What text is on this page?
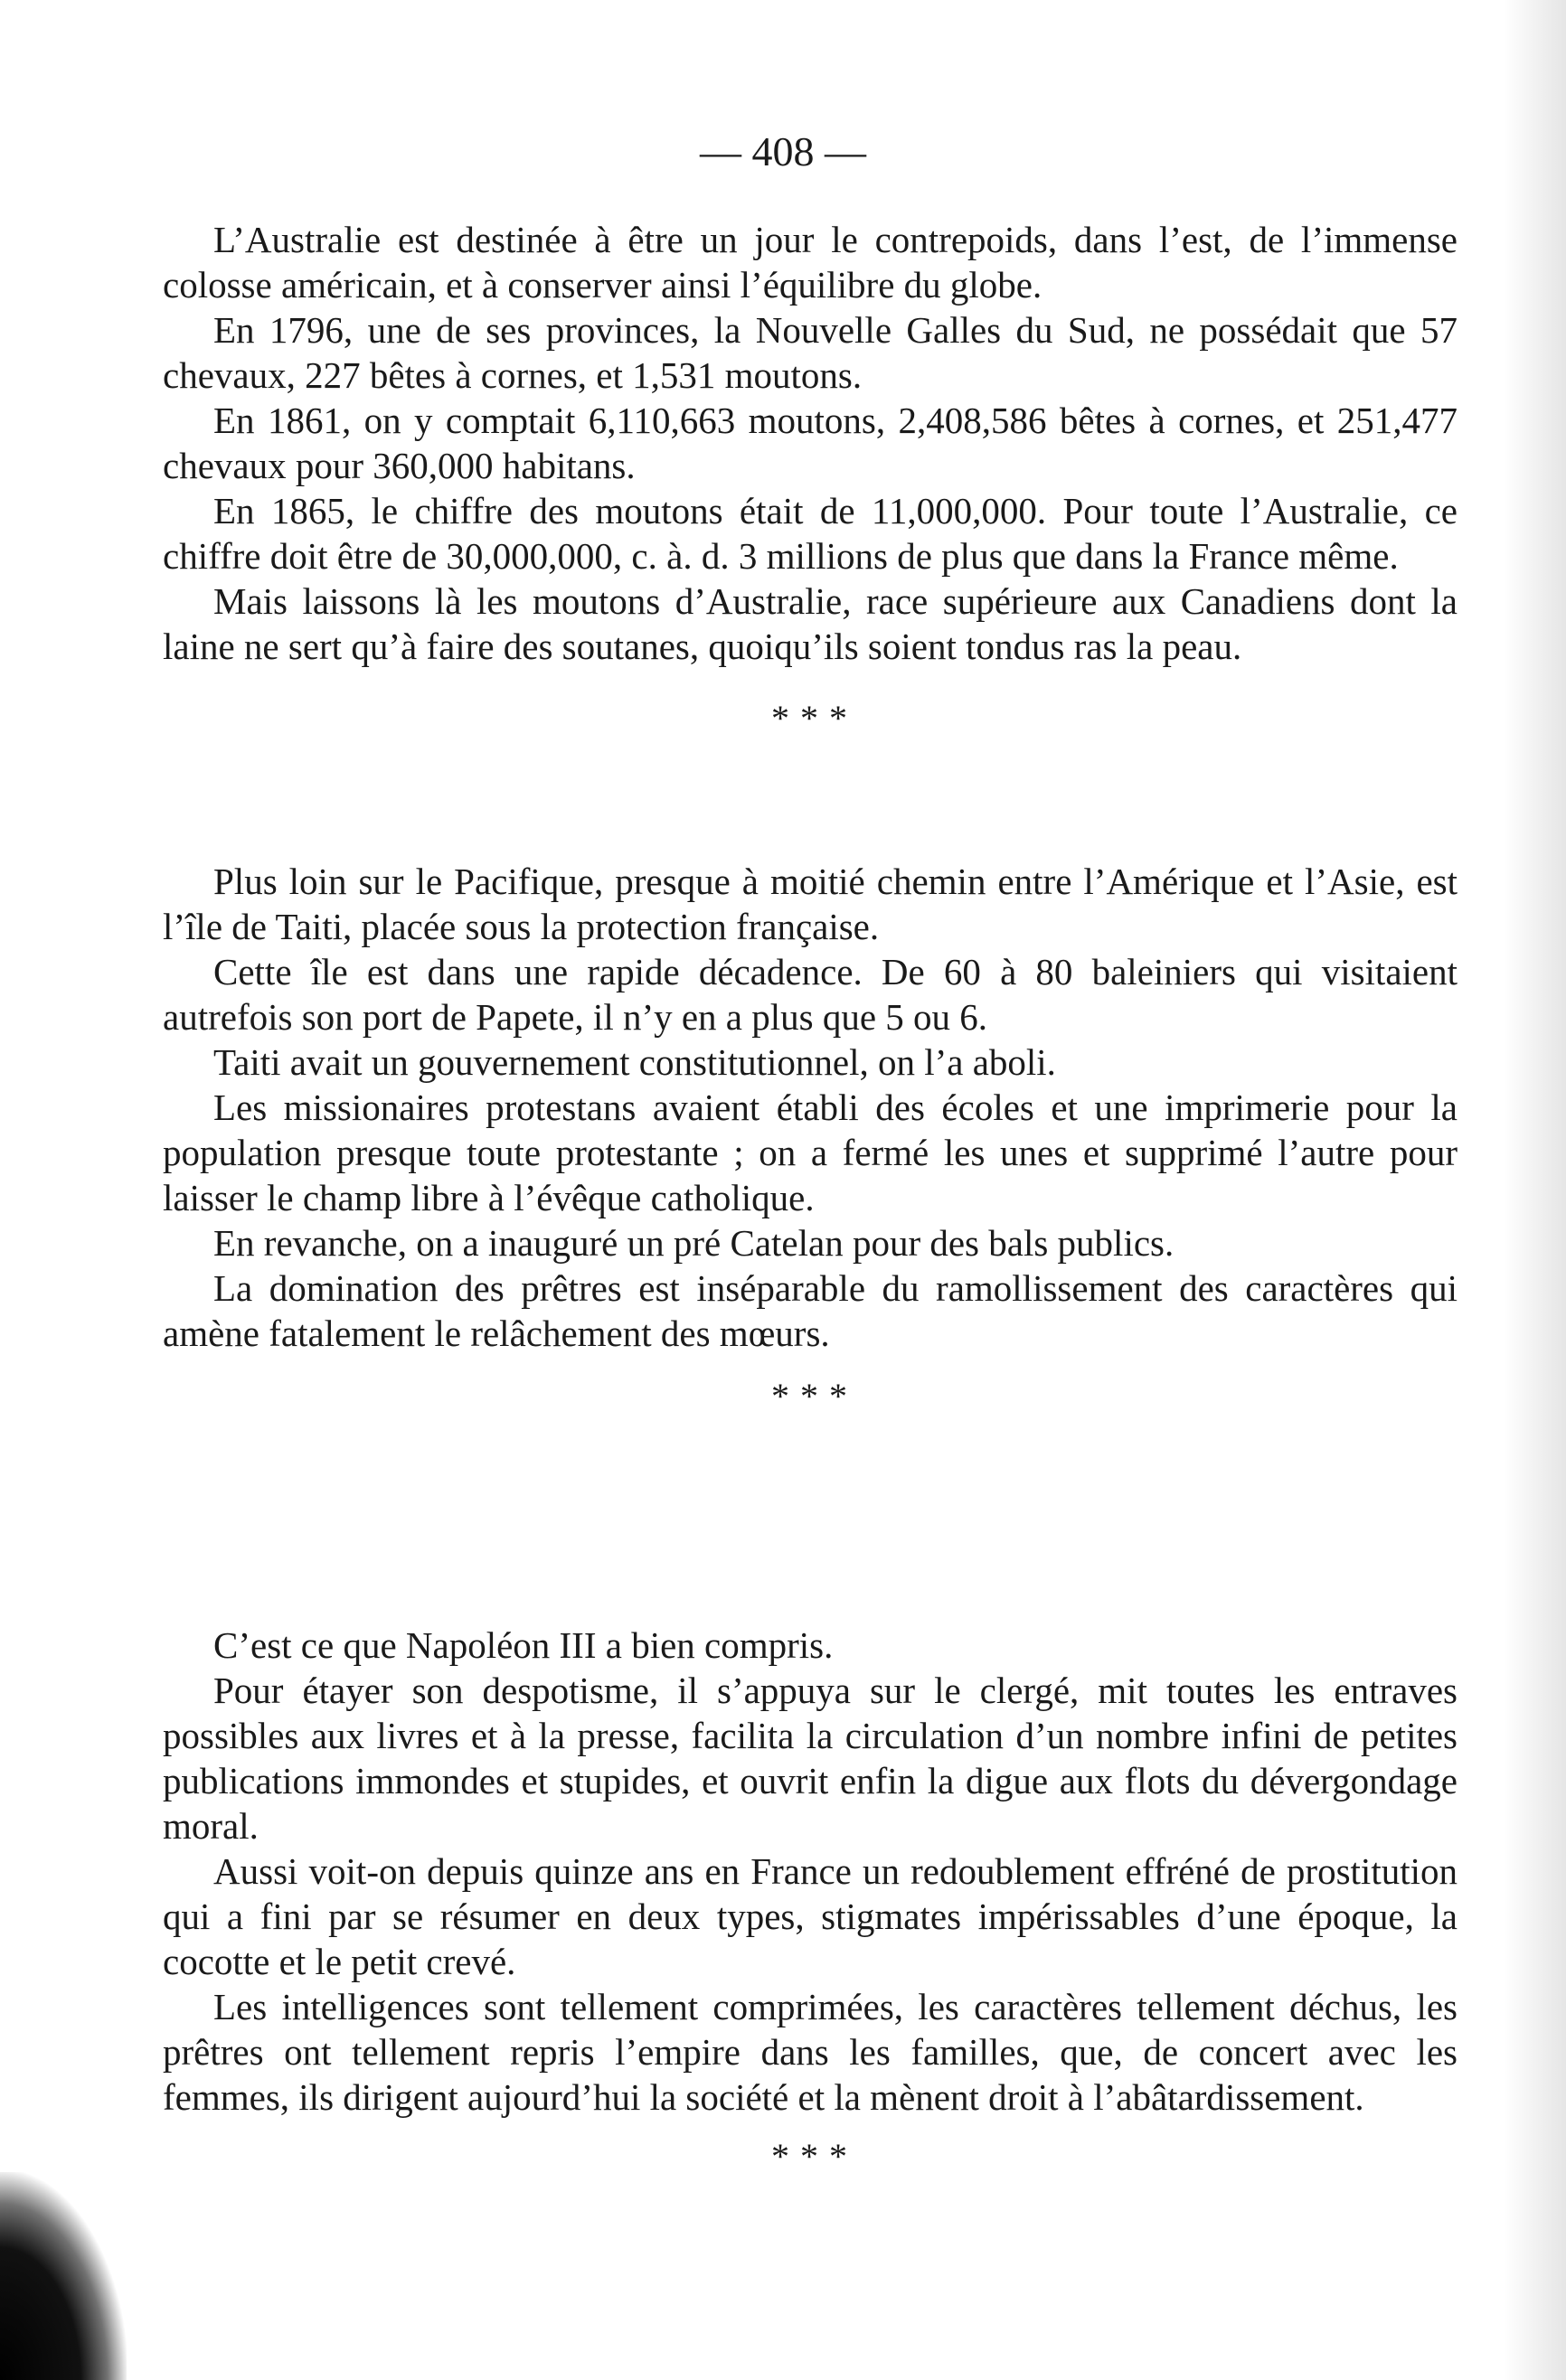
— 408 —

L’Australie est destinée à être un jour le contrepoids, dans l’est, de l’immense colosse américain, et à conserver ainsi l’équilibre du globe.

En 1796, une de ses provinces, la Nouvelle Galles du Sud, ne possédait que 57 chevaux, 227 bêtes à cornes, et 1,531 moutons.

En 1861, on y comptait 6,110,663 moutons, 2,408,586 bêtes à cornes, et 251,477 chevaux pour 360,000 habitans.

En 1865, le chiffre des moutons était de 11,000,000. Pour toute l’Australie, ce chiffre doit être de 30,000,000, c. à. d. 3 millions de plus que dans la France même.

Mais laissons là les moutons d’Australie, race supérieure aux Canadiens dont la laine ne sert qu’à faire des soutanes, quoiqu’ils soient tondus ras la peau.

* * *

Plus loin sur le Pacifique, presque à moitié chemin entre l’Amérique et l’Asie, est l’île de Taiti, placée sous la protection française.

Cette île est dans une rapide décadence. De 60 à 80 baleiniers qui visitaient autrefois son port de Papete, il n’y en a plus que 5 ou 6.

Taiti avait un gouvernement constitutionnel, on l’a aboli.

Les missionaires protestans avaient établi des écoles et une imprimerie pour la population presque toute protestante ; on a fermé les unes et supprimé l’autre pour laisser le champ libre à l’évêque catholique.

En revanche, on a inauguré un pré Catelan pour des bals publics.

La domination des prêtres est inséparable du ramollissement des caractères qui amène fatalement le relâchement des mœurs.

* * *

C’est ce que Napoléon III a bien compris.

Pour étayer son despotisme, il s’appuya sur le clergé, mit toutes les entraves possibles aux livres et à la presse, facilita la circulation d’un nombre infini de petites publications immondes et stupides, et ouvrit enfin la digue aux flots du dévergondage moral.

Aussi voit-on depuis quinze ans en France un redoublement effréné de prostitution qui a fini par se résumer en deux types, stigmates impérissables d’une époque, la cocotte et le petit crevé.

Les intelligences sont tellement comprimées, les caractères tellement déchus, les prêtres ont tellement repris l’empire dans les familles, que, de concert avec les femmes, ils dirigent aujourd’hui la société et la mènent droit à l’abâtardissement.

* * *
